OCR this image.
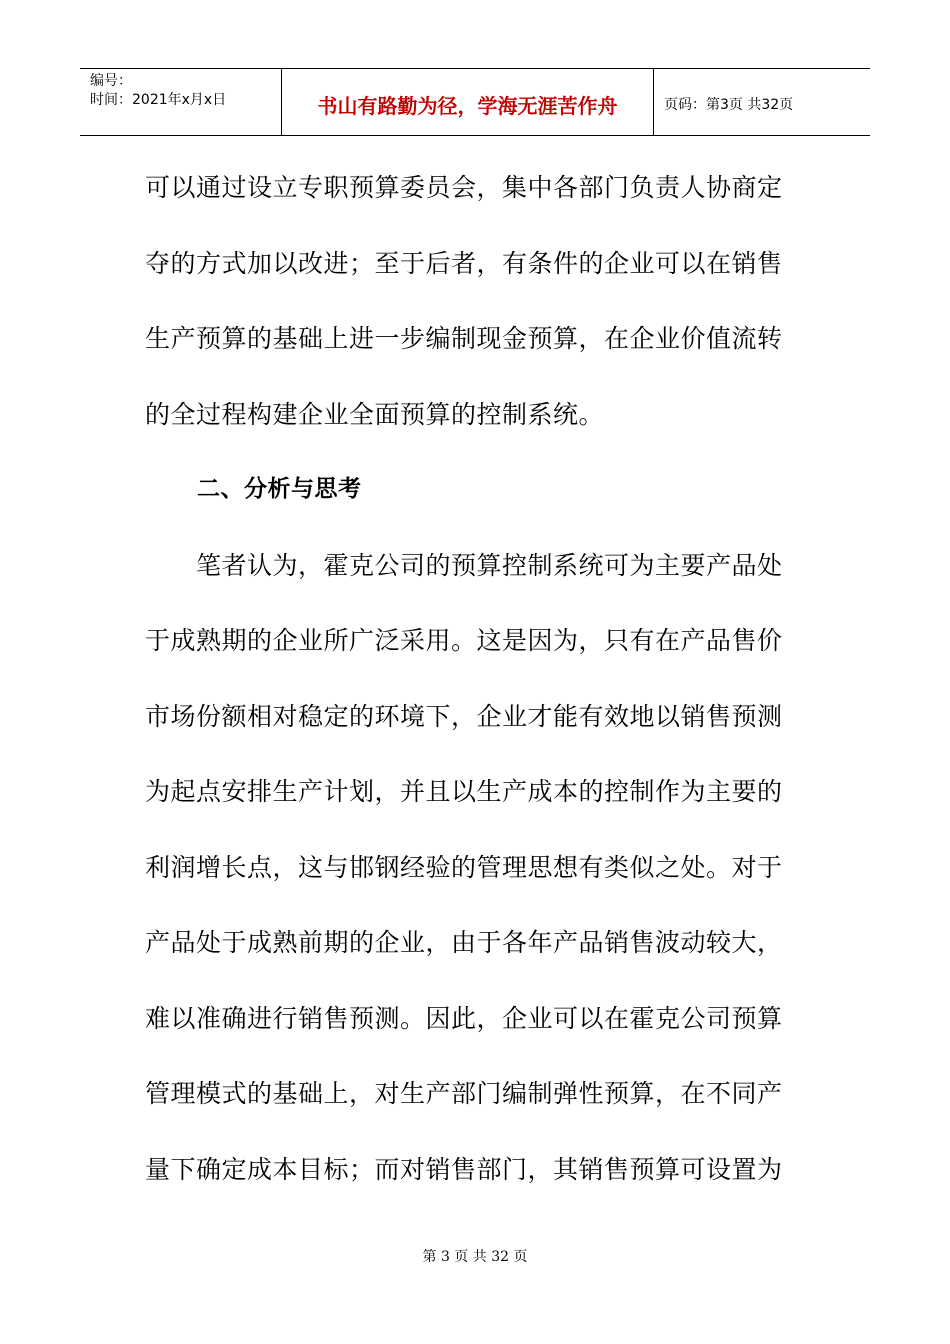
编号：
时间：2021年x月x日	书山有路勤为径，学海无涯苦作舟	页码：第3页 共32页

可以通过设立专职预算委员会，集中各部门负责人协商定

夺的方式加以改进；至于后者，有条件的企业可以在销售

生产预算的基础上进一步编制现金预算，在企业价值流转

的全过程构建企业全面预算的控制系统。

二、分析与思考

笔者认为，霍克公司的预算控制系统可为主要产品处

于成熟期的企业所广泛采用。这是因为，只有在产品售价

市场份额相对稳定的环境下，企业才能有效地以销售预测

为起点安排生产计划，并且以生产成本的控制作为主要的

利润增长点，这与邯钢经验的管理思想有类似之处。对于

产品处于成熟前期的企业，由于各年产品销售波动较大，

难以准确进行销售预测。因此，企业可以在霍克公司预算

管理模式的基础上，对生产部门编制弹性预算，在不同产

量下确定成本目标；而对销售部门，其销售预算可设置为

第 3 页 共 32 页
